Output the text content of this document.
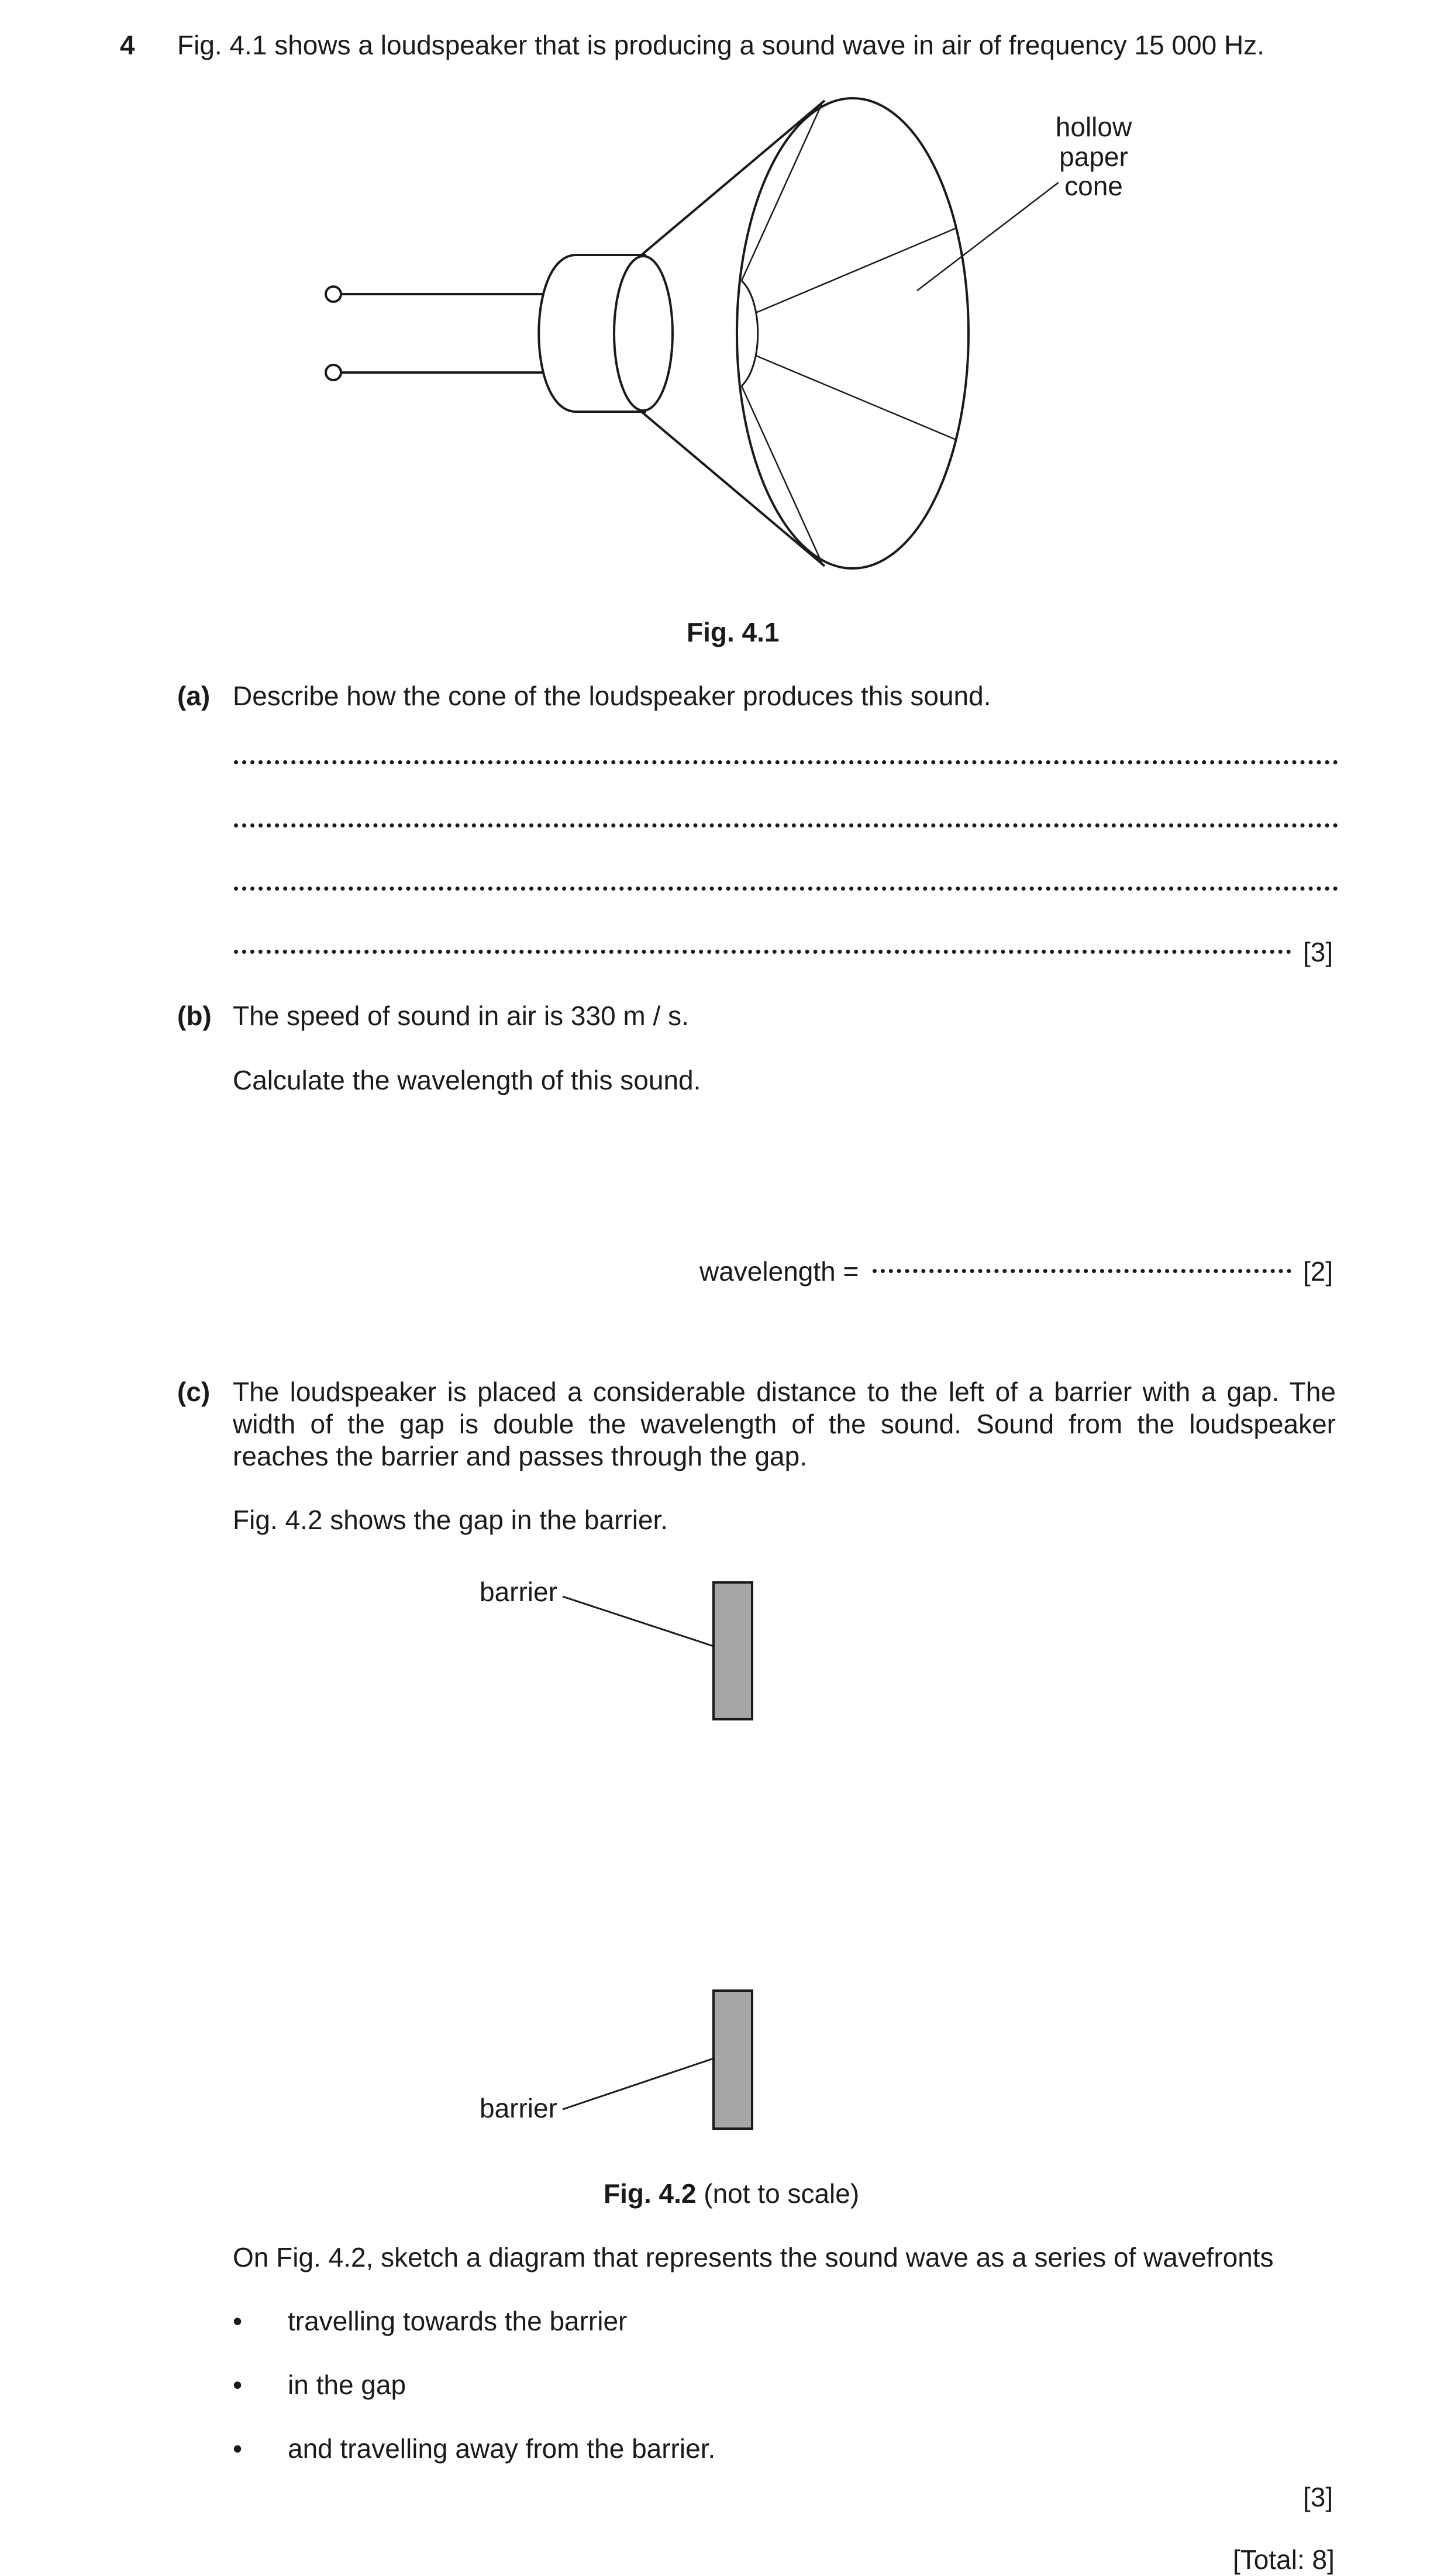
4 Fig. 4.1 shows a loudspeaker that is producing a sound wave in air of frequency 15 000 Hz.
hollow
paper
cone
Fig. 4.1
(a) Describe how the cone of the loudspeaker produces this sound.
[3]
(b) The speed of sound in air is 330 m / s.
Calculate the wavelength of this sound.
wavelength =	[2]
(c) The loudspeaker is placed a considerable distance to the left of a barrier with a gap. The width of the gap is double the wavelength of the sound. Sound from the loudspeaker reaches the barrier and passes through the gap.
Fig. 4.2 shows the gap in the barrier.
barrier
barrier
Fig. 4.2 (not to scale)
On Fig. 4.2, sketch a diagram that represents the sound wave as a series of wavefronts
• travelling towards the barrier
• in the gap
• and travelling away from the barrier.
[3]
[Total: 8]
